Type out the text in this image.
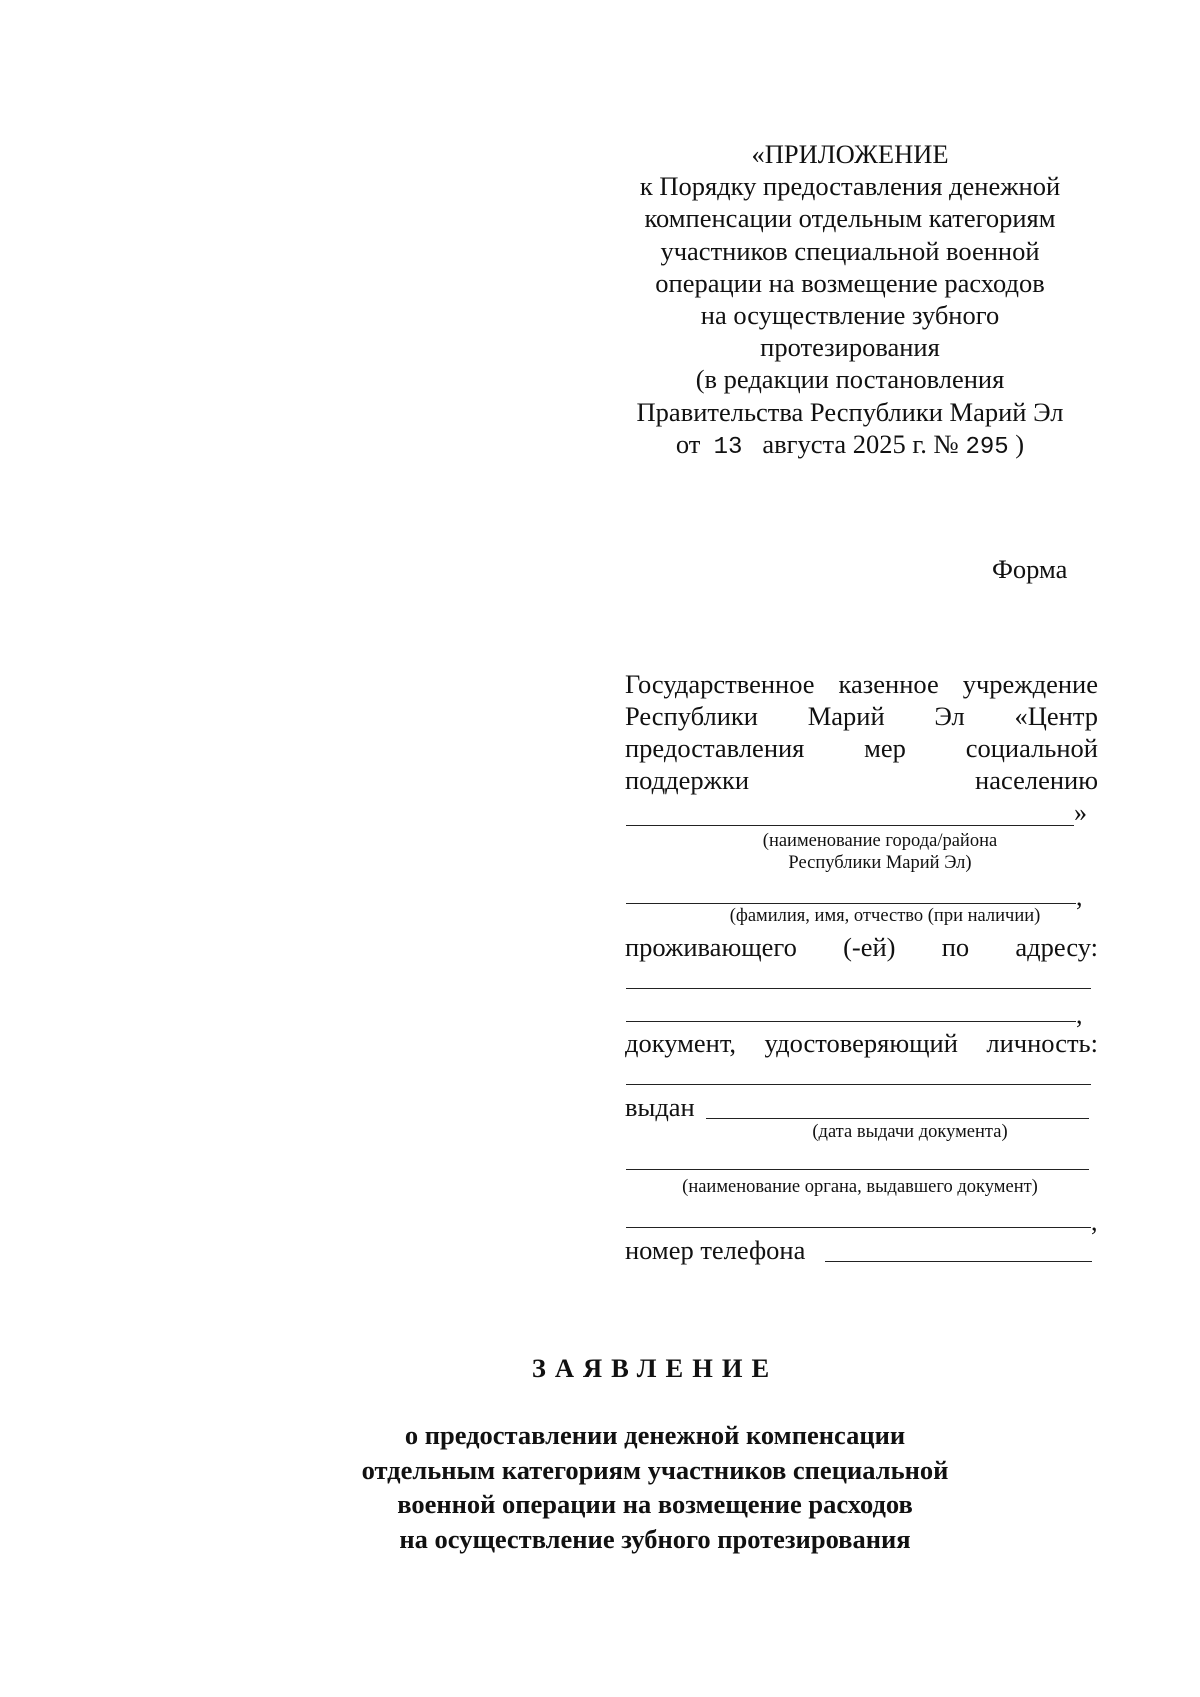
«ПРИЛОЖЕНИЕ
к Порядку предоставления денежной
компенсации отдельным категориям
участников специальной военной
операции на возмещение расходов
на осуществление зубного
протезирования
(в редакции постановления
Правительства Республики Марий Эл
от 13 августа 2025 г. № 295 )
Форма
Государственное казенное учреждение
Республики Марий Эл «Центр
предоставления мер социальной
поддержки населению
»
(наименование города/района
Республики Марий Эл)
,
(фамилия, имя, отчество (при наличии)
проживающего (-ей) по адресу:
,
документ, удостоверяющий личность:
выдан
(дата выдачи документа)
(наименование органа, выдавшего документ)
,
номер телефона
ЗАЯВЛЕНИЕ
о предоставлении денежной компенсации
отдельным категориям участников специальной
военной операции на возмещение расходов
на осуществление зубного протезирования
